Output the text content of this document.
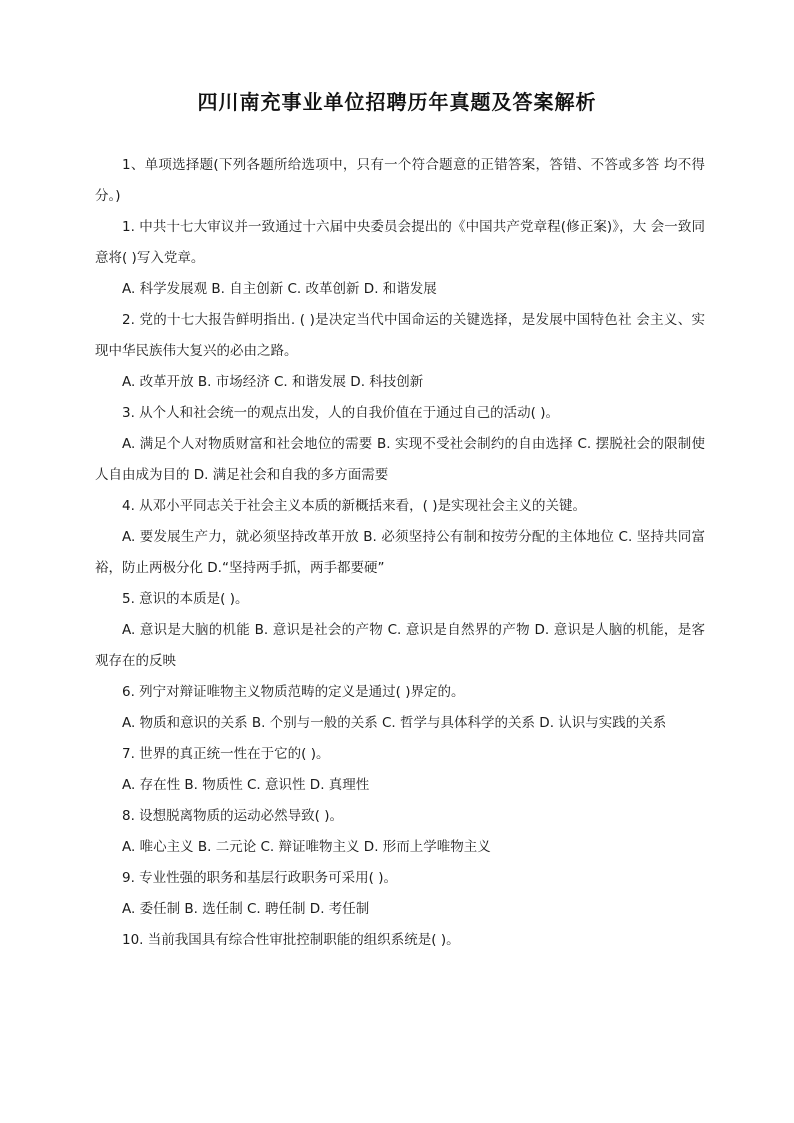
四川南充事业单位招聘历年真题及答案解析

1、单项选择题(下列各题所给选项中，只有一个符合题意的正错答案，答错、不答或多答 均不得分。)

1. 中共十七大审议并一致通过十六届中央委员会提出的《中国共产党章程(修正案)》，大 会一致同意将( )写入党章。

A. 科学发展观 B. 自主创新 C. 改革创新 D. 和谐发展

2. 党的十七大报告鲜明指出. ( )是决定当代中国命运的关键选择，是发展中国特色社 会主义、实现中华民族伟大复兴的必由之路。

A. 改革开放 B. 市场经济 C. 和谐发展 D. 科技创新

3. 从个人和社会统一的观点出发，人的自我价值在于通过自己的活动( )。

A. 满足个人对物质财富和社会地位的需要 B. 实现不受社会制约的自由选择 C. 摆脱社会的限制使人自由成为目的 D. 满足社会和自我的多方面需要

4. 从邓小平同志关于社会主义本质的新概括来看，( )是实现社会主义的关键。

A. 要发展生产力，就必须坚持改革开放 B. 必须坚持公有制和按劳分配的主体地位 C. 坚持共同富裕，防止两极分化 D.“坚持两手抓，两手都要硬”

5. 意识的本质是( )。

A. 意识是大脑的机能 B. 意识是社会的产物 C. 意识是自然界的产物 D. 意识是人脑的机能，是客观存在的反映

6. 列宁对辩证唯物主义物质范畴的定义是通过( )界定的。

A. 物质和意识的关系 B. 个别与一般的关系 C. 哲学与具体科学的关系 D. 认识与实践的关系

7. 世界的真正统一性在于它的( )。

A. 存在性 B. 物质性 C. 意识性 D. 真理性

8. 设想脱离物质的运动必然导致( )。

A. 唯心主义 B. 二元论 C. 辩证唯物主义 D. 形而上学唯物主义

9. 专业性强的职务和基层行政职务可采用( )。

A. 委任制 B. 选任制 C. 聘任制 D. 考任制

10. 当前我国具有综合性审批控制职能的组织系统是( )。
